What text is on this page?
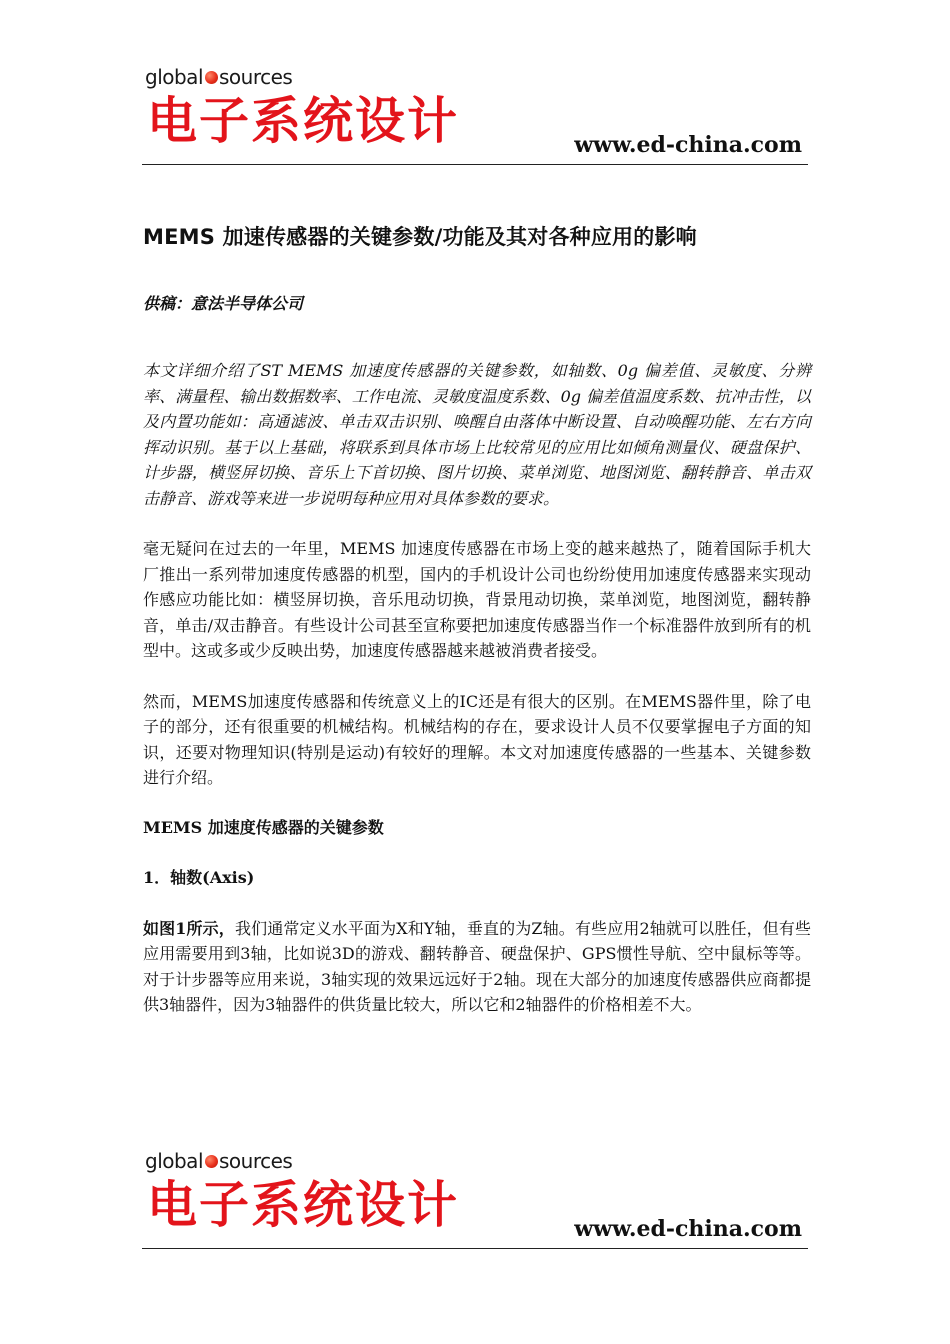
global sources
电子系统设计	www.ed-china.com
MEMS 加速传感器的关键参数/功能及其对各种应用的影响
供稿：意法半导体公司

本文详细介绍了ST MEMS 加速度传感器的关键参数，如轴数、0g 偏差值、灵敏度、分辨率、满量程、输出数据数率、工作电流、灵敏度温度系数、0g 偏差值温度系数、抗冲击性，以及内置功能如：高通滤波、单击双击识别、唤醒自由落体中断设置、自动唤醒功能、左右方向挥动识别。基于以上基础，将联系到具体市场上比较常见的应用比如倾角测量仪、硬盘保护、计步器，横竖屏切换、音乐上下首切换、图片切换、菜单浏览、地图浏览、翻转静音、单击双击静音、游戏等来进一步说明每种应用对具体参数的要求。

毫无疑问在过去的一年里，MEMS 加速度传感器在市场上变的越来越热了，随着国际手机大厂推出一系列带加速度传感器的机型，国内的手机设计公司也纷纷使用加速度传感器来实现动作感应功能比如：横竖屏切换，音乐甩动切换，背景甩动切换，菜单浏览，地图浏览，翻转静音，单击/双击静音。有些设计公司甚至宣称要把加速度传感器当作一个标准器件放到所有的机型中。这或多或少反映出势，加速度传感器越来越被消费者接受。

然而，MEMS加速度传感器和传统意义上的IC还是有很大的区别。在MEMS器件里，除了电子的部分，还有很重要的机械结构。机械结构的存在，要求设计人员不仅要掌握电子方面的知识，还要对物理知识(特别是运动)有较好的理解。本文对加速度传感器的一些基本、关键参数进行介绍。

MEMS 加速度传感器的关键参数
1．轴数(Axis)

如图1所示，我们通常定义水平面为X和Y轴，垂直的为Z轴。有些应用2轴就可以胜任，但有些应用需要用到3轴，比如说3D的游戏、翻转静音、硬盘保护、GPS惯性导航、空中鼠标等等。对于计步器等应用来说，3轴实现的效果远远好于2轴。现在大部分的加速度传感器供应商都提供3轴器件，因为3轴器件的供货量比较大，所以它和2轴器件的价格相差不大。

global sources
电子系统设计	www.ed-china.com
